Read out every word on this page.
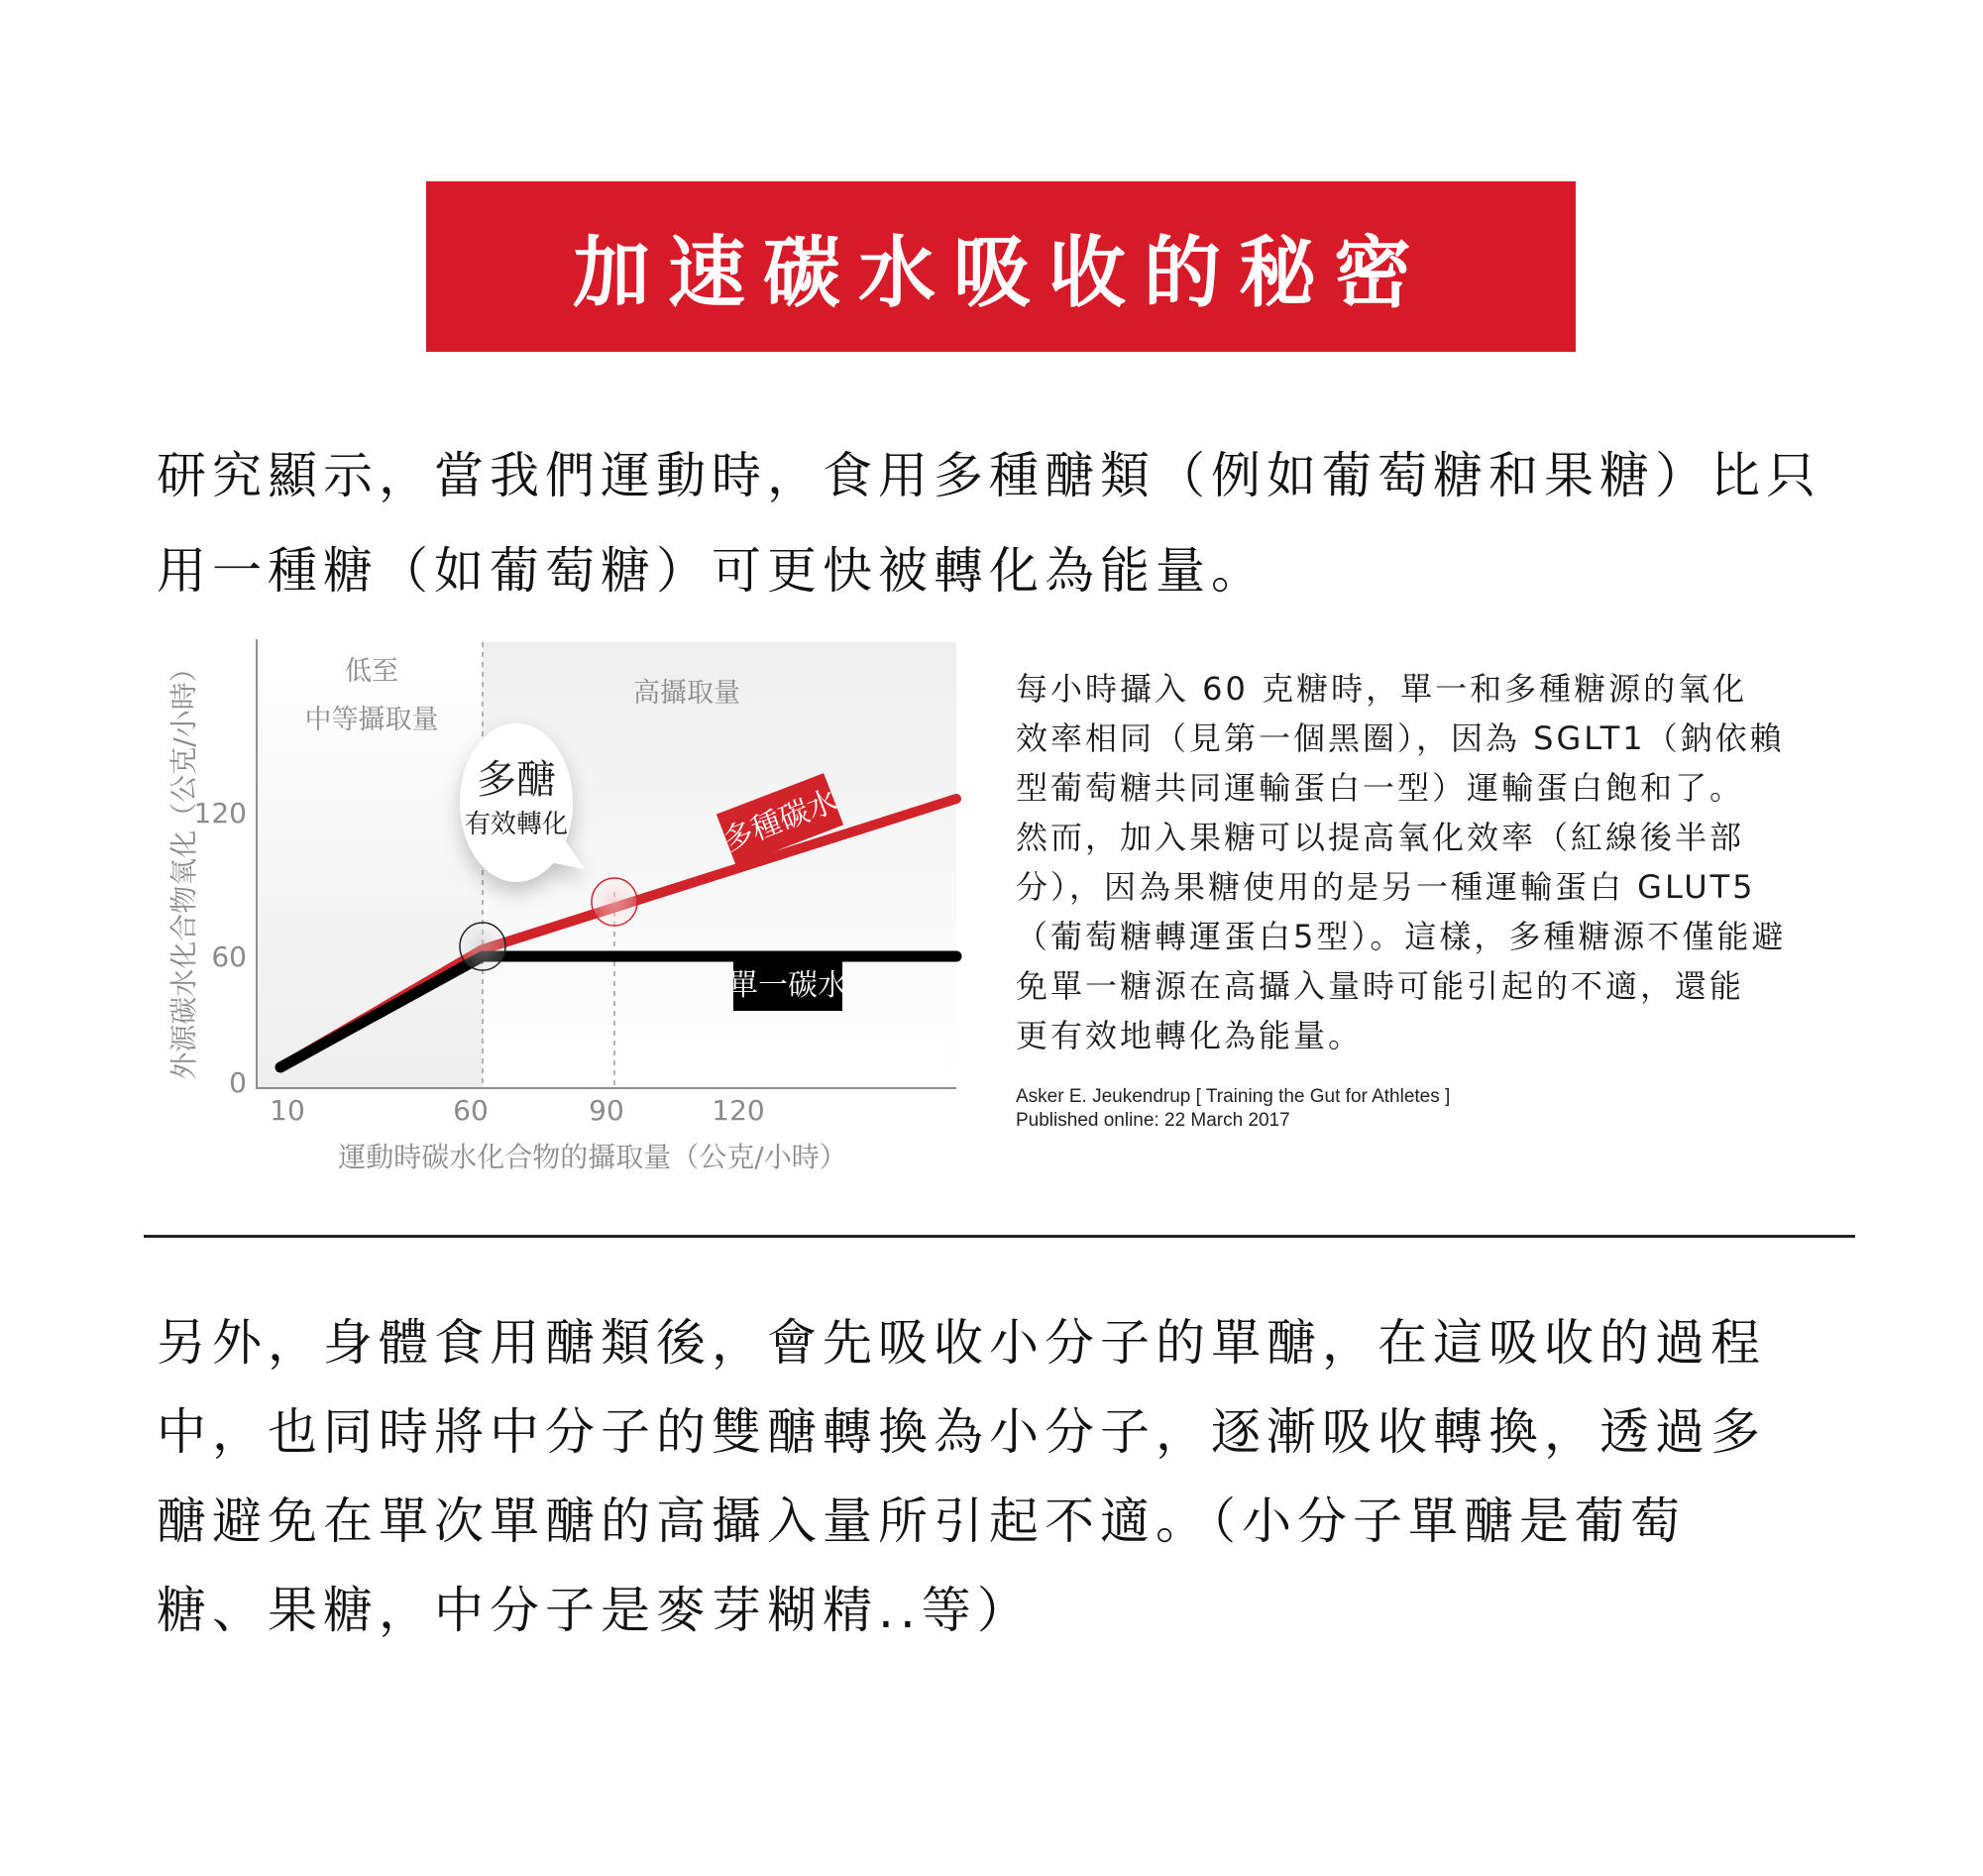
加速碳水吸收的秘密
研究顯示，當我們運動時，食用多種醣類（例如葡萄糖和果糖）比只用一種糖（如葡萄糖）可更快被轉化為能量。
低至
中等攝取量
高攝取量
120
60
0
10	60	90	120
運動時碳水化合物的攝取量（公克/小時）
外源碳水化合物氧化（公克/小時）	多醣
有效轉化	多種碳水
單一碳水
每小時攝入 60 克糖時，單一和多種糖源的氧化
效率相同（見第一個黑圈），因為 SGLT1（鈉依賴
型葡萄糖共同運輸蛋白一型）運輸蛋白飽和了。
然而，加入果糖可以提高氧化效率（紅線後半部
分），因為果糖使用的是另一種運輸蛋白 GLUT5
（葡萄糖轉運蛋白5型）。這樣，多種糖源不僅能避
免單一糖源在高攝入量時可能引起的不適，還能
更有效地轉化為能量。
Asker E. Jeukendrup [ Training the Gut for Athletes ]
Published online: 22 March 2017
另外，身體食用醣類後，會先吸收小分子的單醣，在這吸收的過程
中，也同時將中分子的雙醣轉換為小分子，逐漸吸收轉換，透過多
醣避免在單次單醣的高攝入量所引起不適。（小分子單醣是葡萄
糖、果糖，中分子是麥芽糊精..等）
